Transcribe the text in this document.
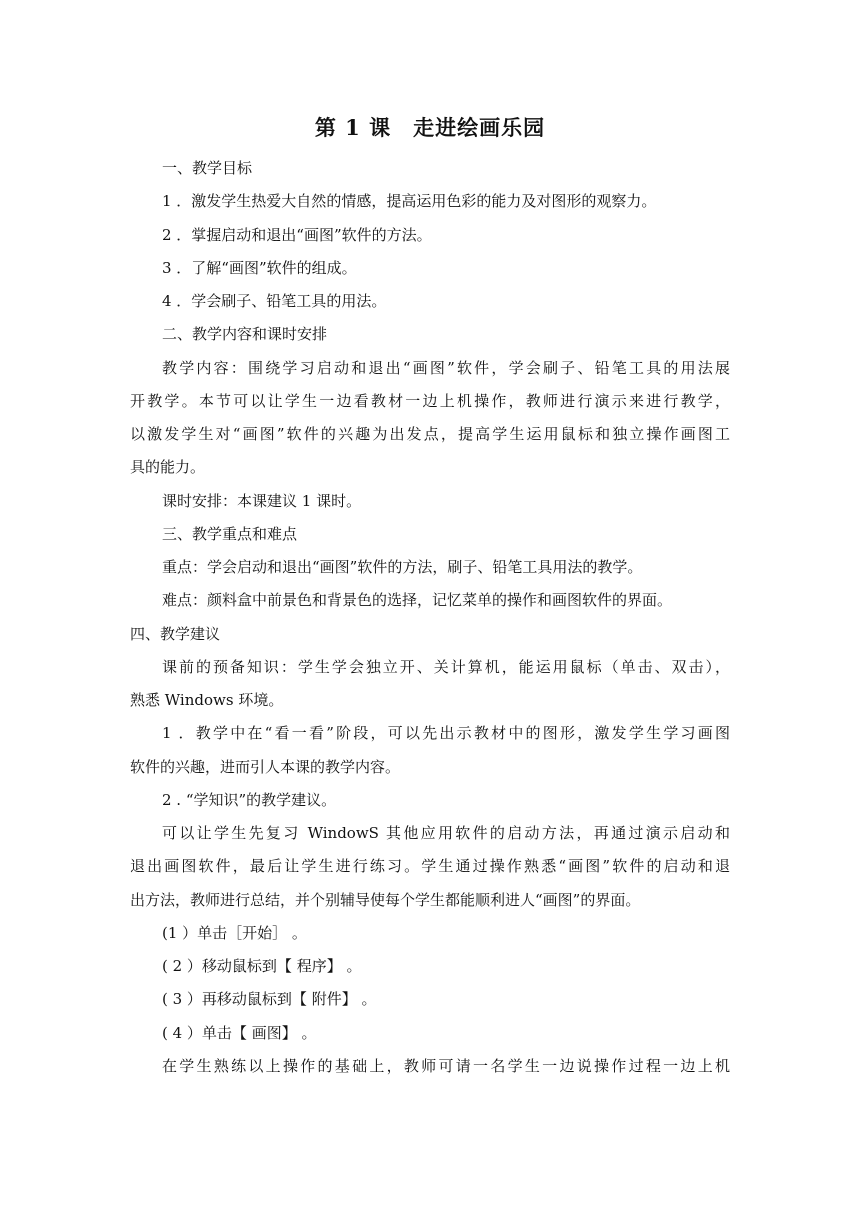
第 1 课　走进绘画乐园
一、教学目标
1 ．激发学生热爱大自然的情感，提高运用色彩的能力及对图形的观察力。
2 ．掌握启动和退出“画图”软件的方法。
3 ．了解“画图”软件的组成。
4 ．学会刷子、铅笔工具的用法。
二、教学内容和课时安排
教学内容：围绕学习启动和退出“画图”软件，学会刷子、铅笔工具的用法展
开教学。本节可以让学生一边看教材一边上机操作，教师进行演示来进行教学，
以激发学生对“画图”软件的兴趣为出发点，提高学生运用鼠标和独立操作画图工
具的能力。
课时安排：本课建议 1 课时。
三、教学重点和难点
重点：学会启动和退出“画图”软件的方法，刷子、铅笔工具用法的教学。
难点：颜料盒中前景色和背景色的选择，记忆菜单的操作和画图软件的界面。
四、教学建议
课前的预备知识：学生学会独立开、关计算机，能运用鼠标（单击、双击），
熟悉 Windows 环境。
1 ．教学中在“看一看”阶段，可以先出示教材中的图形，激发学生学习画图
软件的兴趣，进而引人本课的教学内容。
2 . “学知识”的教学建议。
可以让学生先复习 WindowS 其他应用软件的启动方法，再通过演示启动和
退出画图软件，最后让学生进行练习。学生通过操作熟悉“画图”软件的启动和退
出方法，教师进行总结，并个别辅导使每个学生都能顺利进人“画图”的界面。
(1 ）单击［开始］ 。
( 2 ）移动鼠标到【 程序】 。
( 3 ）再移动鼠标到【 附件】 。
( 4 ）单击【 画图】 。
在学生熟练以上操作的基础上，教师可请一名学生一边说操作过程一边上机
